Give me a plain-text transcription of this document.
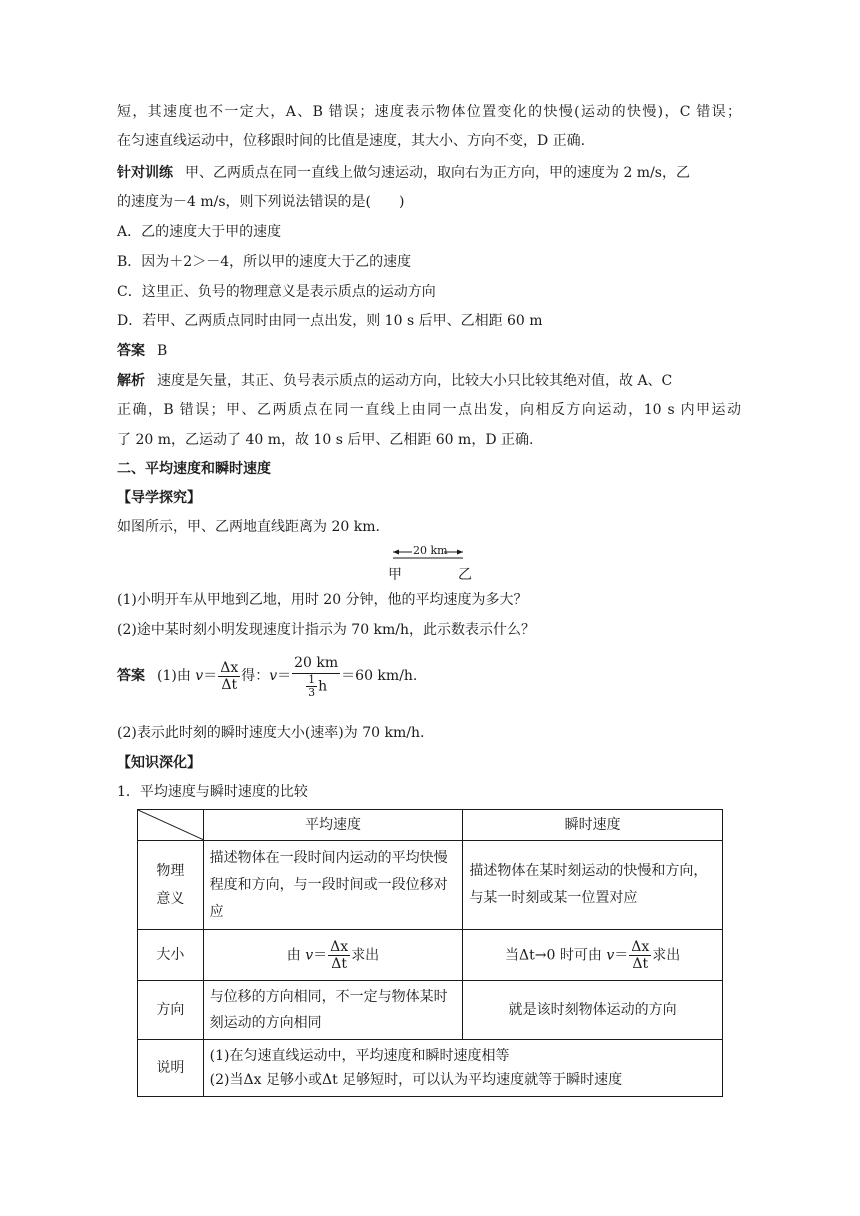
短，其速度也不一定大，A、B 错误；速度表示物体位置变化的快慢(运动的快慢)，C 错误；
在匀速直线运动中，位移跟时间的比值是速度，其大小、方向不变，D 正确.
针对训练 甲、乙两质点在同一直线上做匀速运动，取向右为正方向，甲的速度为 2 m/s，乙
的速度为－4 m/s，则下列说法错误的是(　　)
A．乙的速度大于甲的速度
B．因为＋2＞－4，所以甲的速度大于乙的速度
C．这里正、负号的物理意义是表示质点的运动方向
D．若甲、乙两质点同时由同一点出发，则 10 s 后甲、乙相距 60 m
答案 B
解析 速度是矢量，其正、负号表示质点的运动方向，比较大小只比较其绝对值，故 A、C
正确，B 错误；甲、乙两质点在同一直线上由同一点出发，向相反方向运动，10 s 内甲运动
了 20 m，乙运动了 40 m，故 10 s 后甲、乙相距 60 m，D 正确.
二、平均速度和瞬时速度
【导学探究】
如图所示，甲、乙两地直线距离为 20 km.
20 km
甲	乙
(1)小明开车从甲地到乙地，用时 20 分钟，他的平均速度为多大？
(2)途中某时刻小明发现速度计指示为 70 km/h，此示数表示什么？
答案 (1)由 $v= \frac{\Delta x}{\Delta t}$ 得：$v= \frac{20 km}{\frac{1}{3} h} =60$ km/h.
(2)表示此时刻的瞬时速度大小(速率)为 70 km/h.
【知识深化】
1．平均速度与瞬时速度的比较
	平均速度	瞬时速度
物理意义	描述物体在一段时间内运动的平均快慢程度和方向，与一段时间或一段位移对应	描述物体在某时刻运动的快慢和方向，与某一时刻或某一位置对应
大小	由 $v= \frac{\Delta x}{\Delta t}$ 求出	当Δt→0 时可由 $v= \frac{\Delta x}{\Delta t}$ 求出
方向	与位移的方向相同，不一定与物体某时刻运动的方向相同	就是该时刻物体运动的方向
说明	(1)在匀速直线运动中，平均速度和瞬时速度相等
(2)当Δx 足够小或Δt 足够短时，可以认为平均速度就等于瞬时速度	
